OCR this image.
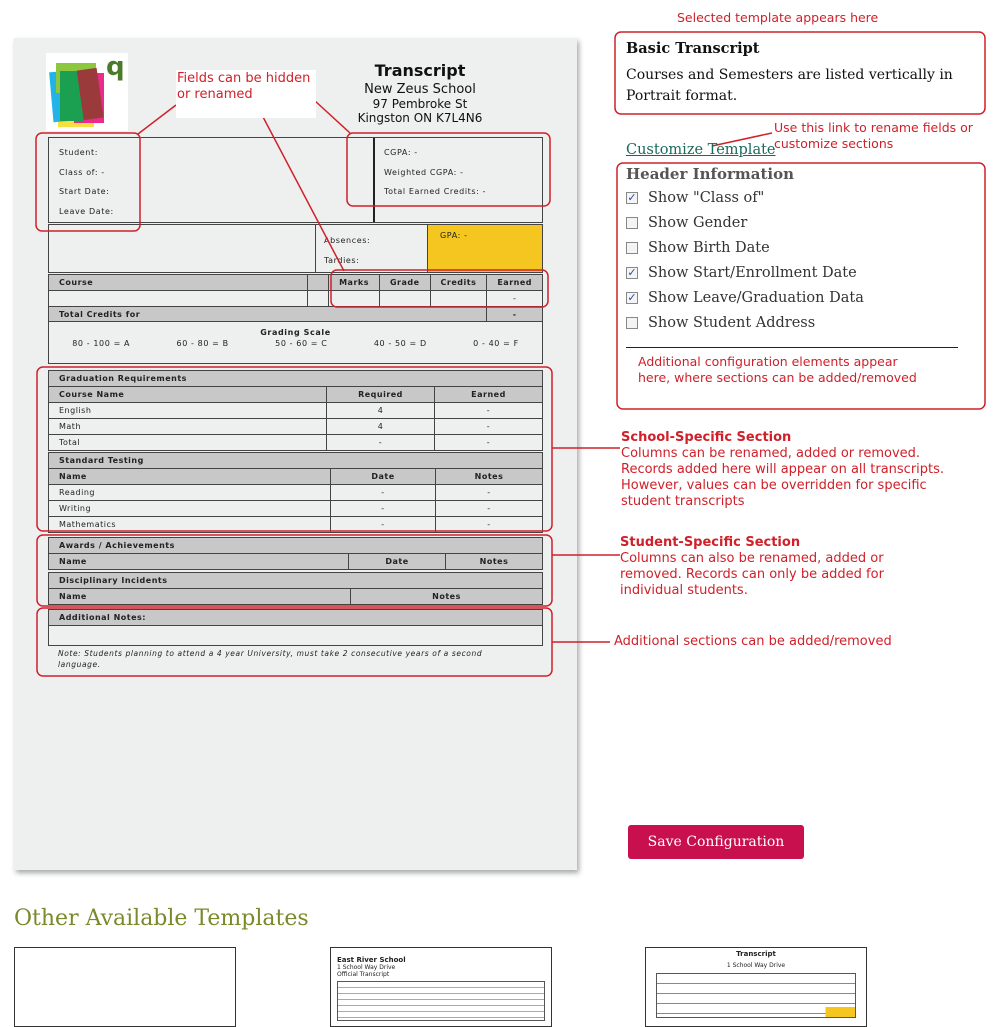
q	Transcript
New Zeus School
97 Pembroke St
Kingston ON K7L4N6
Student:
Class of: -
Start Date:
Leave Date:
CGPA: -
Weighted CGPA: -
Total Earned Credits: -
Absences:
Tardies:
GPA: -
Course		Marks	Grade	Credits	Earned
					-
Total Credits for					-
Grading Scale
80 - 100 = A	60 - 80 = B	50 - 60 = C	40 - 50 = D	0 - 40 = F
Graduation Requirements		
Course Name	Required	Earned
English	4	-
Math	4	-
Total	-	-
Standard Testing		
Name	Date	Notes
Reading	-	-
Writing	-	-
Mathematics	-	-
Awards / Achievements
Name	Date	Notes
Disciplinary Incidents
Name	Notes
Additional Notes:

Note: Students planning to attend a 4 year University, must take 2 consecutive years of a second language.
Fields can be hidden or renamed
Selected template appears here
Basic Transcript
Courses and Semesters are listed vertically in Portrait format.
Use this link to rename fields or customize sections
Customize Template
Header Information
✓ Show "Class of"
Show Gender
Show Birth Date
✓ Show Start/Enrollment Date
✓ Show Leave/Graduation Data
Show Student Address
Additional configuration elements appear here, where sections can be added/removed
School-Specific Section
Columns can be renamed, added or removed. Records added here will appear on all transcripts. However, values can be overridden for specific student transcripts
Student-Specific Section
Columns can also be renamed, added or removed. Records can only be added for individual students.
Additional sections can be added/removed
Save Configuration
Other Available Templates
East River School
1 School Way Drive
Official Transcript
Transcript
1 School Way Drive
